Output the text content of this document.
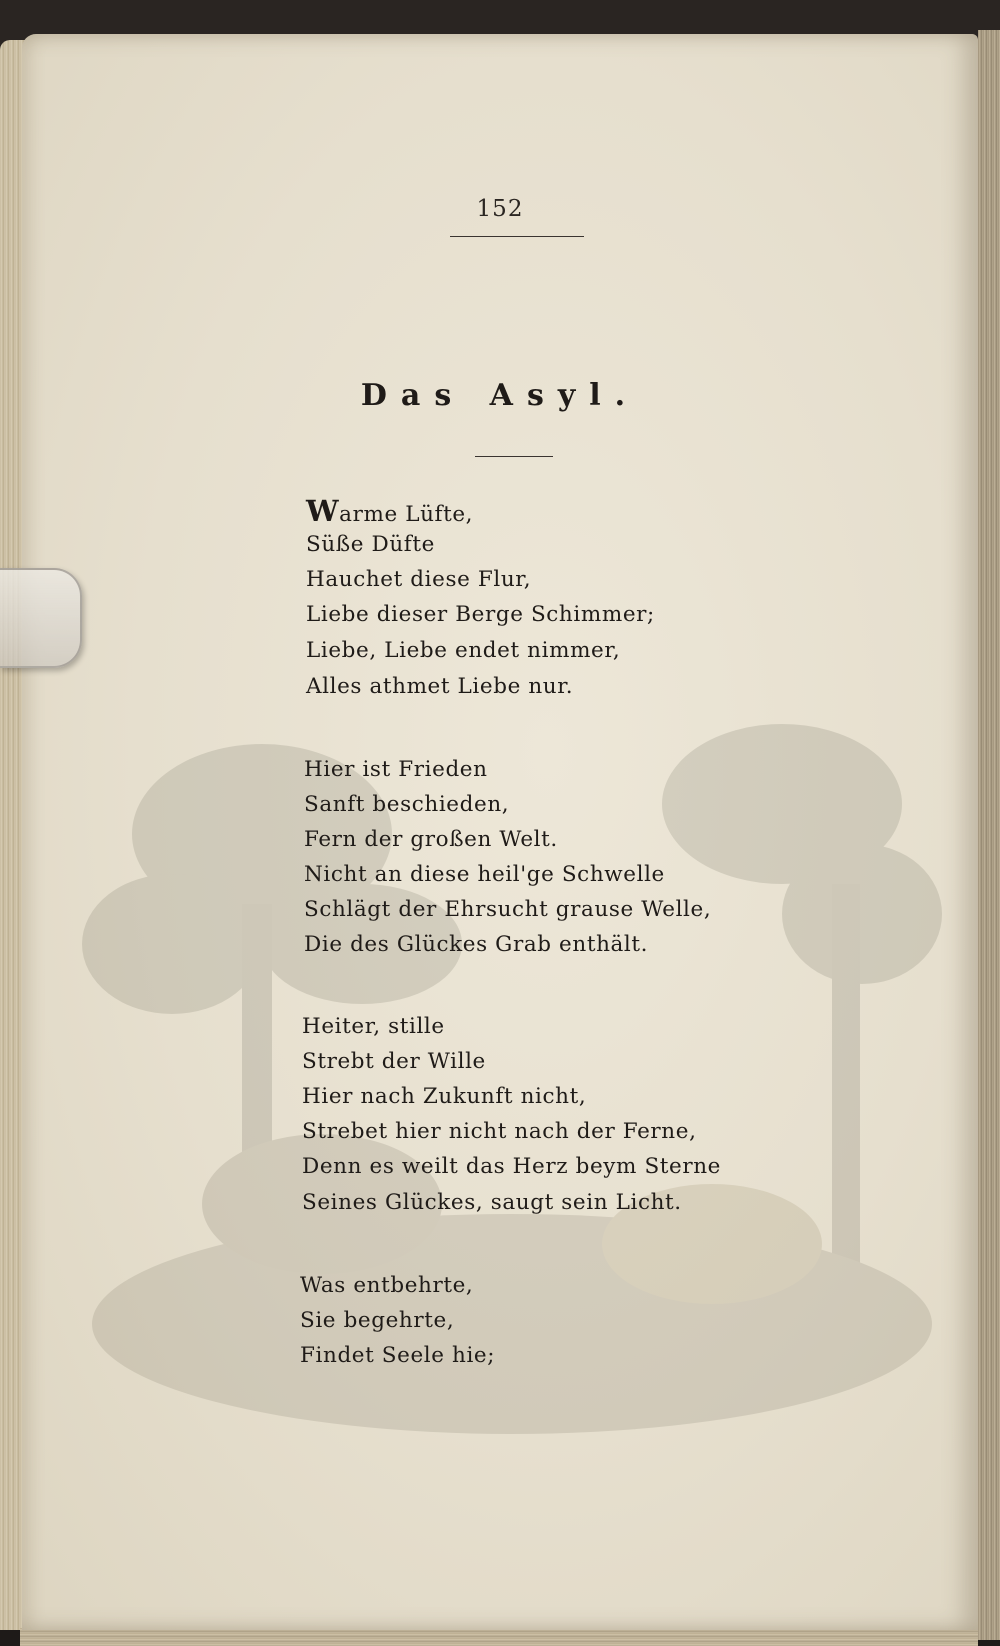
152
Das Asyl.
Warme Lüfte,
Süße Düfte
Hauchet diese Flur,
Liebe dieser Berge Schimmer;
Liebe, Liebe endet nimmer,
Alles athmet Liebe nur.
Hier ist Frieden
Sanft beschieden,
Fern der großen Welt.
Nicht an diese heil'ge Schwelle
Schlägt der Ehrsucht grause Welle,
Die des Glückes Grab enthält.
Heiter, stille
Strebt der Wille
Hier nach Zukunft nicht,
Strebet hier nicht nach der Ferne,
Denn es weilt das Herz beym Sterne
Seines Glückes, saugt sein Licht.
Was entbehrte,
Sie begehrte,
Findet Seele hie;
